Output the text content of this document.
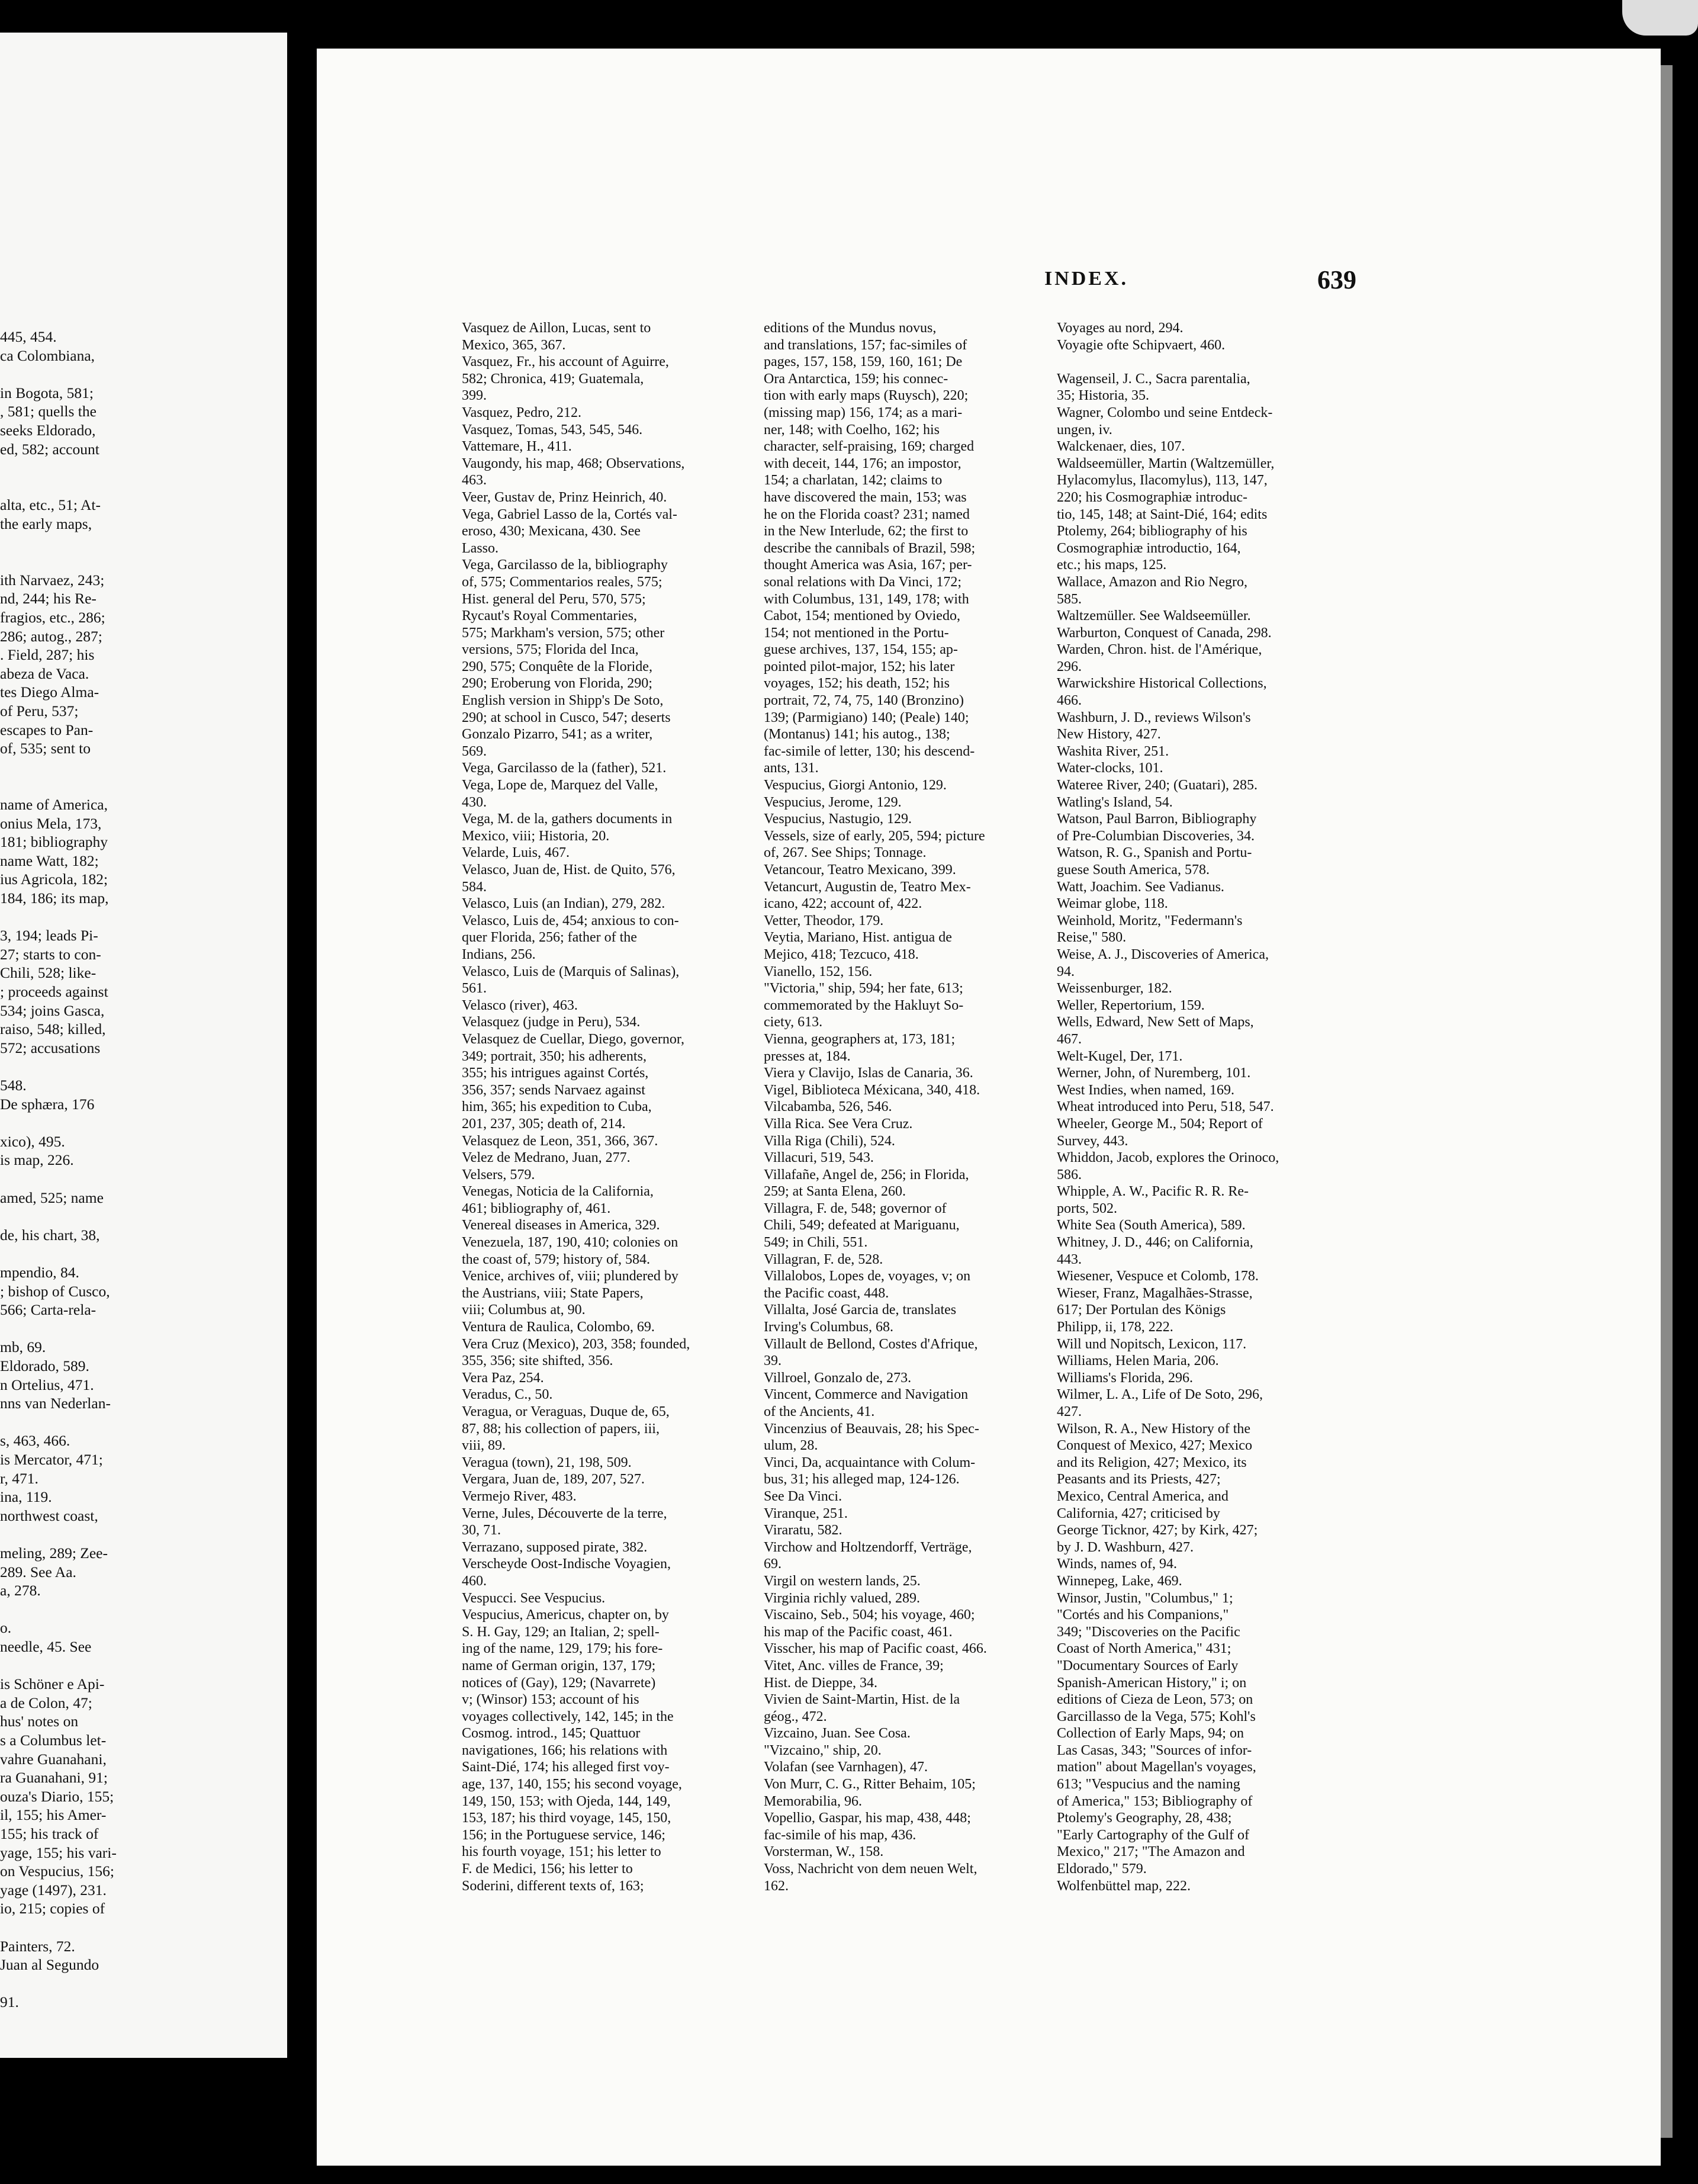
445, 454.
ca Colombiana,
in Bogota, 581;
, 581; quells the
seeks Eldorado,
ed, 582; account
alta, etc., 51; At-
the early maps,
ith Narvaez, 243;
nd, 244; his Re-
fragios, etc., 286;
286; autog., 287;
. Field, 287; his
abeza de Vaca.
tes Diego Alma-
of Peru, 537;
escapes to Pan-
of, 535; sent to
name of America,
onius Mela, 173,
181; bibliography
name Watt, 182;
ius Agricola, 182;
184, 186; its map,
3, 194; leads Pi-
27; starts to con-
Chili, 528; like-
; proceeds against
534; joins Gasca,
raiso, 548; killed,
572; accusations
548.
De sphæra, 176
xico), 495.
is map, 226.
amed, 525; name
de, his chart, 38,
mpendio, 84.
; bishop of Cusco,
566; Carta-rela-
mb, 69.
Eldorado, 589.
n Ortelius, 471.
nns van Nederlan-
s, 463, 466.
is Mercator, 471;
r, 471.
ina, 119.
northwest coast,
meling, 289; Zee-
289. See Aa.
a, 278.
o.
needle, 45. See
is Schöner e Api-
a de Colon, 47;
hus' notes on
s a Columbus let-
vahre Guanahani,
ra Guanahani, 91;
ouza's Diario, 155;
il, 155; his Amer-
155; his track of
yage, 155; his vari-
on Vespucius, 156;
yage (1497), 231.
io, 215; copies of
Painters, 72.
Juan al Segundo
91.
INDEX.	639
Vasquez de Aillon, Lucas, sent to
Mexico, 365, 367.
Vasquez, Fr., his account of Aguirre,
582; Chronica, 419; Guatemala,
399.
Vasquez, Pedro, 212.
Vasquez, Tomas, 543, 545, 546.
Vattemare, H., 411.
Vaugondy, his map, 468; Observations,
463.
Veer, Gustav de, Prinz Heinrich, 40.
Vega, Gabriel Lasso de la, Cortés val-
eroso, 430; Mexicana, 430. See
Lasso.
Vega, Garcilasso de la, bibliography
of, 575; Commentarios reales, 575;
Hist. general del Peru, 570, 575;
Rycaut's Royal Commentaries,
575; Markham's version, 575; other
versions, 575; Florida del Inca,
290, 575; Conquête de la Floride,
290; Eroberung von Florida, 290;
English version in Shipp's De Soto,
290; at school in Cusco, 547; deserts
Gonzalo Pizarro, 541; as a writer,
569.
Vega, Garcilasso de la (father), 521.
Vega, Lope de, Marquez del Valle,
430.
Vega, M. de la, gathers documents in
Mexico, viii; Historia, 20.
Velarde, Luis, 467.
Velasco, Juan de, Hist. de Quito, 576,
584.
Velasco, Luis (an Indian), 279, 282.
Velasco, Luis de, 454; anxious to con-
quer Florida, 256; father of the
Indians, 256.
Velasco, Luis de (Marquis of Salinas),
561.
Velasco (river), 463.
Velasquez (judge in Peru), 534.
Velasquez de Cuellar, Diego, governor,
349; portrait, 350; his adherents,
355; his intrigues against Cortés,
356, 357; sends Narvaez against
him, 365; his expedition to Cuba,
201, 237, 305; death of, 214.
Velasquez de Leon, 351, 366, 367.
Velez de Medrano, Juan, 277.
Velsers, 579.
Venegas, Noticia de la California,
461; bibliography of, 461.
Venereal diseases in America, 329.
Venezuela, 187, 190, 410; colonies on
the coast of, 579; history of, 584.
Venice, archives of, viii; plundered by
the Austrians, viii; State Papers,
viii; Columbus at, 90.
Ventura de Raulica, Colombo, 69.
Vera Cruz (Mexico), 203, 358; founded,
355, 356; site shifted, 356.
Vera Paz, 254.
Veradus, C., 50.
Veragua, or Veraguas, Duque de, 65,
87, 88; his collection of papers, iii,
viii, 89.
Veragua (town), 21, 198, 509.
Vergara, Juan de, 189, 207, 527.
Vermejo River, 483.
Verne, Jules, Découverte de la terre,
30, 71.
Verrazano, supposed pirate, 382.
Verscheyde Oost-Indische Voyagien,
460.
Vespucci. See Vespucius.
Vespucius, Americus, chapter on, by
S. H. Gay, 129; an Italian, 2; spell-
ing of the name, 129, 179; his fore-
name of German origin, 137, 179;
notices of (Gay), 129; (Navarrete)
v; (Winsor) 153; account of his
voyages collectively, 142, 145; in the
Cosmog. introd., 145; Quattuor
navigationes, 166; his relations with
Saint-Dié, 174; his alleged first voy-
age, 137, 140, 155; his second voyage,
149, 150, 153; with Ojeda, 144, 149,
153, 187; his third voyage, 145, 150,
156; in the Portuguese service, 146;
his fourth voyage, 151; his letter to
F. de Medici, 156; his letter to
Soderini, different texts of, 163;
editions of the Mundus novus,
and translations, 157; fac-similes of
pages, 157, 158, 159, 160, 161; De
Ora Antarctica, 159; his connec-
tion with early maps (Ruysch), 220;
(missing map) 156, 174; as a mari-
ner, 148; with Coelho, 162; his
character, self-praising, 169; charged
with deceit, 144, 176; an impostor,
154; a charlatan, 142; claims to
have discovered the main, 153; was
he on the Florida coast? 231; named
in the New Interlude, 62; the first to
describe the cannibals of Brazil, 598;
thought America was Asia, 167; per-
sonal relations with Da Vinci, 172;
with Columbus, 131, 149, 178; with
Cabot, 154; mentioned by Oviedo,
154; not mentioned in the Portu-
guese archives, 137, 154, 155; ap-
pointed pilot-major, 152; his later
voyages, 152; his death, 152; his
portrait, 72, 74, 75, 140 (Bronzino)
139; (Parmigiano) 140; (Peale) 140;
(Montanus) 141; his autog., 138;
fac-simile of letter, 130; his descend-
ants, 131.
Vespucius, Giorgi Antonio, 129.
Vespucius, Jerome, 129.
Vespucius, Nastugio, 129.
Vessels, size of early, 205, 594; picture
of, 267. See Ships; Tonnage.
Vetancour, Teatro Mexicano, 399.
Vetancurt, Augustin de, Teatro Mex-
icano, 422; account of, 422.
Vetter, Theodor, 179.
Veytia, Mariano, Hist. antigua de
Mejico, 418; Tezcuco, 418.
Vianello, 152, 156.
"Victoria," ship, 594; her fate, 613;
commemorated by the Hakluyt So-
ciety, 613.
Vienna, geographers at, 173, 181;
presses at, 184.
Viera y Clavijo, Islas de Canaria, 36.
Vigel, Biblioteca Méxicana, 340, 418.
Vilcabamba, 526, 546.
Villa Rica. See Vera Cruz.
Villa Riga (Chili), 524.
Villacuri, 519, 543.
Villafañe, Angel de, 256; in Florida,
259; at Santa Elena, 260.
Villagra, F. de, 548; governor of
Chili, 549; defeated at Mariguanu,
549; in Chili, 551.
Villagran, F. de, 528.
Villalobos, Lopes de, voyages, v; on
the Pacific coast, 448.
Villalta, José Garcia de, translates
Irving's Columbus, 68.
Villault de Bellond, Costes d'Afrique,
39.
Villroel, Gonzalo de, 273.
Vincent, Commerce and Navigation
of the Ancients, 41.
Vincenzius of Beauvais, 28; his Spec-
ulum, 28.
Vinci, Da, acquaintance with Colum-
bus, 31; his alleged map, 124-126.
See Da Vinci.
Viranque, 251.
Viraratu, 582.
Virchow and Holtzendorff, Verträge,
69.
Virgil on western lands, 25.
Virginia richly valued, 289.
Viscaino, Seb., 504; his voyage, 460;
his map of the Pacific coast, 461.
Visscher, his map of Pacific coast, 466.
Vitet, Anc. villes de France, 39;
Hist. de Dieppe, 34.
Vivien de Saint-Martin, Hist. de la
géog., 472.
Vizcaino, Juan. See Cosa.
"Vizcaino," ship, 20.
Volafan (see Varnhagen), 47.
Von Murr, C. G., Ritter Behaim, 105;
Memorabilia, 96.
Vopellio, Gaspar, his map, 438, 448;
fac-simile of his map, 436.
Vorsterman, W., 158.
Voss, Nachricht von dem neuen Welt,
162.
Voyages au nord, 294.
Voyagie ofte Schipvaert, 460.

Wagenseil, J. C., Sacra parentalia,
35; Historia, 35.
Wagner, Colombo und seine Entdeck-
ungen, iv.
Walckenaer, dies, 107.
Waldseemüller, Martin (Waltzemüller,
Hylacomylus, Ilacomylus), 113, 147,
220; his Cosmographiæ introduc-
tio, 145, 148; at Saint-Dié, 164; edits
Ptolemy, 264; bibliography of his
Cosmographiæ introductio, 164,
etc.; his maps, 125.
Wallace, Amazon and Rio Negro,
585.
Waltzemüller. See Waldseemüller.
Warburton, Conquest of Canada, 298.
Warden, Chron. hist. de l'Amérique,
296.
Warwickshire Historical Collections,
466.
Washburn, J. D., reviews Wilson's
New History, 427.
Washita River, 251.
Water-clocks, 101.
Wateree River, 240; (Guatari), 285.
Watling's Island, 54.
Watson, Paul Barron, Bibliography
of Pre-Columbian Discoveries, 34.
Watson, R. G., Spanish and Portu-
guese South America, 578.
Watt, Joachim. See Vadianus.
Weimar globe, 118.
Weinhold, Moritz, "Federmann's
Reise," 580.
Weise, A. J., Discoveries of America,
94.
Weissenburger, 182.
Weller, Repertorium, 159.
Wells, Edward, New Sett of Maps,
467.
Welt-Kugel, Der, 171.
Werner, John, of Nuremberg, 101.
West Indies, when named, 169.
Wheat introduced into Peru, 518, 547.
Wheeler, George M., 504; Report of
Survey, 443.
Whiddon, Jacob, explores the Orinoco,
586.
Whipple, A. W., Pacific R. R. Re-
ports, 502.
White Sea (South America), 589.
Whitney, J. D., 446; on California,
443.
Wiesener, Vespuce et Colomb, 178.
Wieser, Franz, Magalhães-Strasse,
617; Der Portulan des Königs
Philipp, ii, 178, 222.
Will und Nopitsch, Lexicon, 117.
Williams, Helen Maria, 206.
Williams's Florida, 296.
Wilmer, L. A., Life of De Soto, 296,
427.
Wilson, R. A., New History of the
Conquest of Mexico, 427; Mexico
and its Religion, 427; Mexico, its
Peasants and its Priests, 427;
Mexico, Central America, and
California, 427; criticised by
George Ticknor, 427; by Kirk, 427;
by J. D. Washburn, 427.
Winds, names of, 94.
Winnepeg, Lake, 469.
Winsor, Justin, "Columbus," 1;
"Cortés and his Companions,"
349; "Discoveries on the Pacific
Coast of North America," 431;
"Documentary Sources of Early
Spanish-American History," i; on
editions of Cieza de Leon, 573; on
Garcillasso de la Vega, 575; Kohl's
Collection of Early Maps, 94; on
Las Casas, 343; "Sources of infor-
mation" about Magellan's voyages,
613; "Vespucius and the naming
of America," 153; Bibliography of
Ptolemy's Geography, 28, 438;
"Early Cartography of the Gulf of
Mexico," 217; "The Amazon and
Eldorado," 579.
Wolfenbüttel map, 222.
